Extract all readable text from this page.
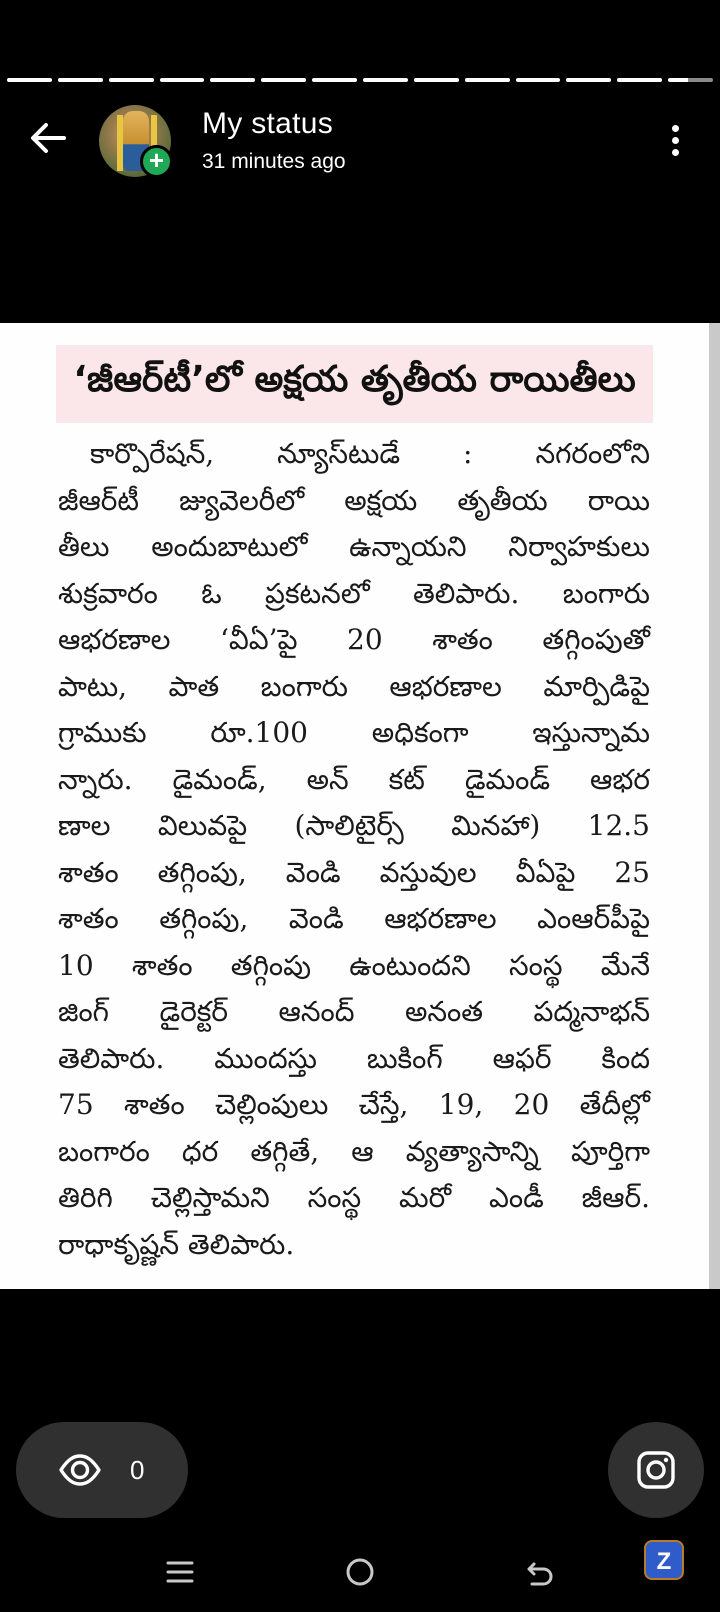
+
My status
31 minutes ago
‘జీఆర్‌టీ’లో అక్షయ తృతీయ రాయితీలు
కార్పొరేషన్‌, న్యూస్‌టుడే : నగరంలోని
జీఆర్‌టీ జ్యువెలరీలో అక్షయ తృతీయ రాయి
తీలు అందుబాటులో ఉన్నాయని నిర్వాహకులు
శుక్రవారం ఓ ప్రకటనలో తెలిపారు. బంగారు
ఆభరణాల ‘వీఏ’పై 20 శాతం తగ్గింపుతో
పాటు, పాత బంగారు ఆభరణాల మార్పిడిపై
గ్రాముకు రూ.100 అధికంగా ఇస్తున్నామ
న్నారు. డైమండ్‌, అన్‌ కట్‌ డైమండ్‌ ఆభర
ణాల విలువపై (సాలిటైర్స్‌ మినహా) 12.5
శాతం తగ్గింపు, వెండి వస్తువుల వీఏపై 25
శాతం తగ్గింపు, వెండి ఆభరణాల ఎంఆర్‌పీపై
10 శాతం తగ్గింపు ఉంటుందని సంస్థ మేనే
జింగ్‌ డైరెక్టర్‌ ఆనంద్‌ అనంత పద్మనాభన్‌
తెలిపారు. ముందస్తు బుకింగ్‌ ఆఫర్‌ కింద
75 శాతం చెల్లింపులు చేస్తే, 19, 20 తేదీల్లో
బంగారం ధర తగ్గితే, ఆ వ్యత్యాసాన్ని పూర్తిగా
తిరిగి చెల్లిస్తామని సంస్థ మరో ఎండీ జీఆర్‌.
రాధాకృష్ణన్‌ తెలిపారు.
0
Z
